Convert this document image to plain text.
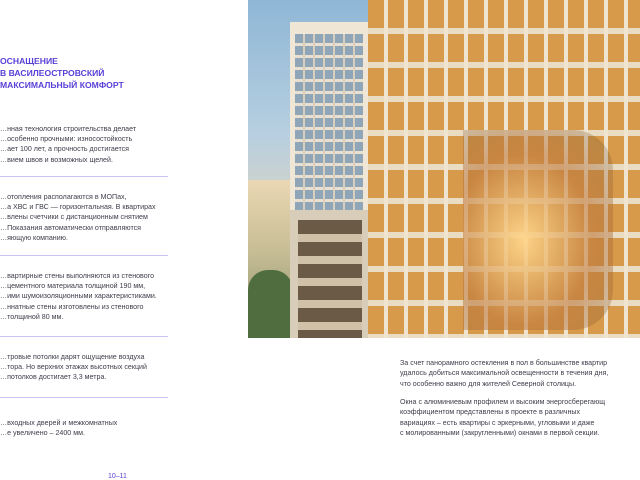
ОСНАЩЕНИЕ
В ВАСИЛЕОСТРОВСКИЙ
МАКСИМАЛЬНЫЙ КОМФОРТ
…нная технология строительства делает
…особенно прочными: износостойкость
…ает 100 лет, а прочность достигается
…вием швов и возможных щелей.
…отопления располагаются в МОПах,
…а ХВС и ГВС — горизонтальная. В квартирах
…влены счетчики с дистанционным снятием
…Показания автоматически отправляются
…яющую компанию.
…вартирные стены выполняются из стенового
…цементного материала толщиной 190 мм,
…ими шумоизоляционными характеристиками.
…ннатные стены изготовлены из стенового
…толщиной 80 мм.
…тровые потолки дарят ощущение воздуха
…тора. Но верхних этажах высотных секций
…потолков достигает 3,3 метра.
…входных дверей и межкомнатных
…е увеличено – 2400 мм.
10–11
За счет панорамного остекления в пол в большинстве квартир
удалось добиться максимальной освещенности в течения дня,
что особенно важно для жителей Северной столицы.
Окна с алюминиевым профилем и высоким энергосберегающ
коэффициентом представлены в проекте в различных
вариациях – есть квартиры с эркерными, угловыми и даже
с молированными (закругленными) окнами в первой секции.
